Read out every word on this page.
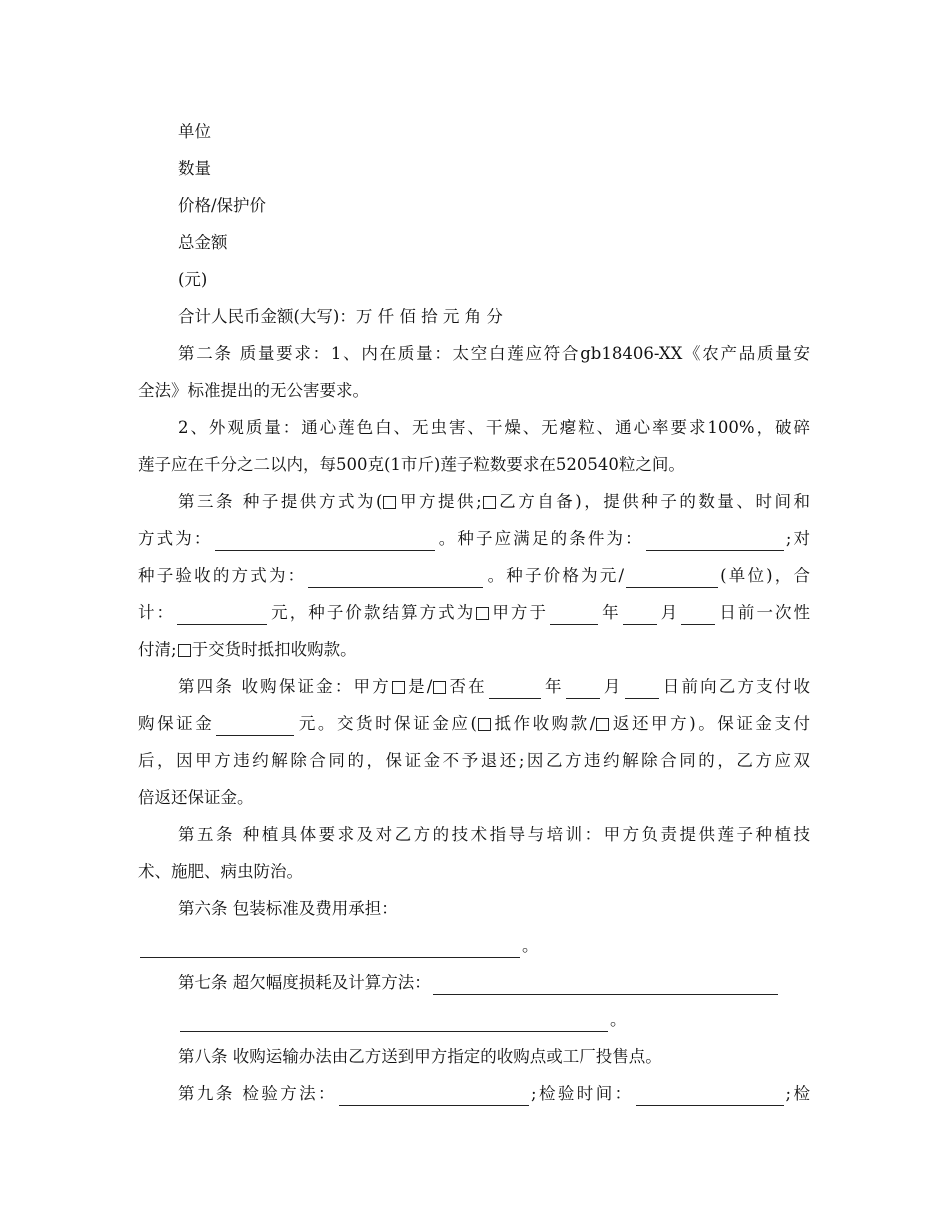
单位
数量
价格/保护价
总金额
(元)
合计人民币金额(大写)：万 仟 佰 拾 元 角 分
第二条 质量要求：1、内在质量：太空白莲应符合gb18406-XX《农产品质量安
全法》标准提出的无公害要求。
2、外观质量：通心莲色白、无虫害、干燥、无瘪粒、通心率要求100%，破碎
莲子应在千分之二以内，每500克(1市斤)莲子粒数要求在520540粒之间。
第三条 种子提供方式为( 甲方提供; 乙方自备)，提供种子的数量、时间和
方式为：	。种子应满足的条件为：	;对
种子验收的方式为：	。种子价格为元/	(单位)，合
计：	元，种子价款结算方式为 甲方于	年 月 日前一次性
付清; 于交货时抵扣收购款。
第四条 收购保证金：甲方 是/ 否在	年 月 日前向乙方支付收
购保证金	元。交货时保证金应( 抵作收购款/ 返还甲方)。保证金支付
后，因甲方违约解除合同的，保证金不予退还;因乙方违约解除合同的，乙方应双
倍返还保证金。
第五条 种植具体要求及对乙方的技术指导与培训：甲方负责提供莲子种植技
术、施肥、病虫防治。
第六条 包装标准及费用承担：
。
第七条 超欠幅度损耗及计算方法：
。
第八条 收购运输办法由乙方送到甲方指定的收购点或工厂投售点。
第九条 检验方法：	;检验时间：	;检
